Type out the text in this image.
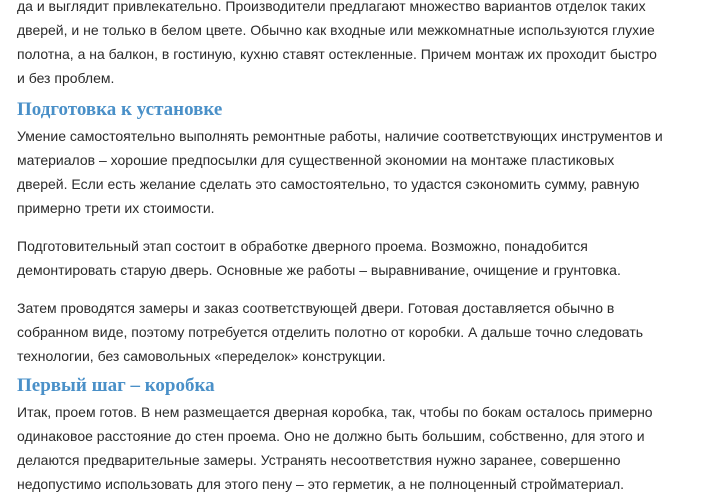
да и выглядит привлекательно. Производители предлагают множество вариантов отделок таких
дверей, и не только в белом цвете. Обычно как входные или межкомнатные используются глухие
полотна, а на балкон, в гостиную, кухню ставят остекленные. Причем монтаж их проходит быстро
и без проблем.

Подготовка к установке

Умение самостоятельно выполнять ремонтные работы, наличие соответствующих инструментов и
материалов – хорошие предпосылки для существенной экономии на монтаже пластиковых
дверей. Если есть желание сделать это самостоятельно, то удастся сэкономить сумму, равную
примерно трети их стоимости.

Подготовительный этап состоит в обработке дверного проема. Возможно, понадобится
демонтировать старую дверь. Основные же работы – выравнивание, очищение и грунтовка.

Затем проводятся замеры и заказ соответствующей двери. Готовая доставляется обычно в
собранном виде, поэтому потребуется отделить полотно от коробки. А дальше точно следовать
технологии, без самовольных «переделок» конструкции.

Первый шаг – коробка

Итак, проем готов. В нем размещается дверная коробка, так, чтобы по бокам осталось примерно
одинаковое расстояние до стен проема. Оно не должно быть большим, собственно, для этого и
делаются предварительные замеры. Устранять несоответствия нужно заранее, совершенно
недопустимо использовать для этого пену – это герметик, а не полноценный стройматериал.
